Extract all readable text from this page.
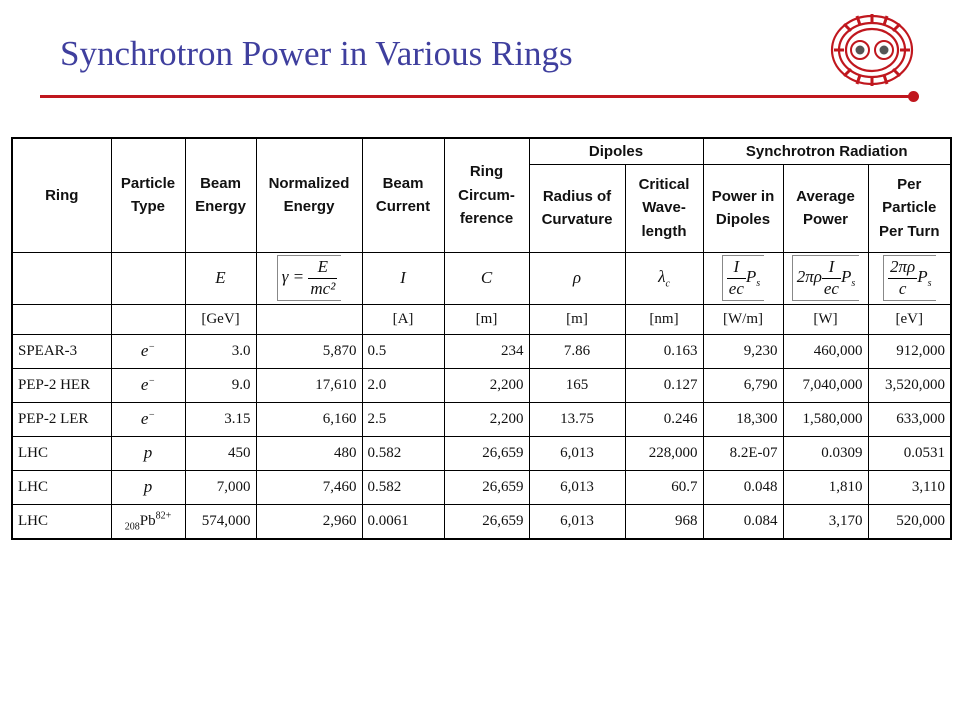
Synchrotron Power in Various Rings
Ring	Particle Type	Beam Energy	Normalized Energy	Beam Current	Ring Circum-ference	Dipoles		Synchrotron Radiation		
						Radius of Curvature	Critical Wave-length	Power in Dipoles	Average Power	Per Particle Per Turn
		E	$\gamma = \frac{E}{\text{mc²}}$	I	C	ρ	$\lambda_c$	$\frac{I}{ec} P_s$	$2\pi\rho \frac{I}{ec} P_s$	$\frac{2\pi\rho}{c} P_s$
		[GeV]		[A]	[m]	[m]	[nm]	[W/m]	[W]	[eV]
SPEAR-3	e−	3.0	5,870	0.5	234	7.86	0.163	9,230	460,000	912,000
PEP-2 HER	e−	9.0	17,610	2.0	2,200	165	0.127	6,790	7,040,000	3,520,000
PEP-2 LER	e−	3.15	6,160	2.5	2,200	13.75	0.246	18,300	1,580,000	633,000
LHC	p	450	480	0.582	26,659	6,013	228,000	8.2E-07	0.0309	0.0531
LHC	p	7,000	7,460	0.582	26,659	6,013	60.7	0.048	1,810	3,110
LHC	$_{208}Pb^{82+}$	574,000	2,960	0.0061	26,659	6,013	968	0.084	3,170	520,000
